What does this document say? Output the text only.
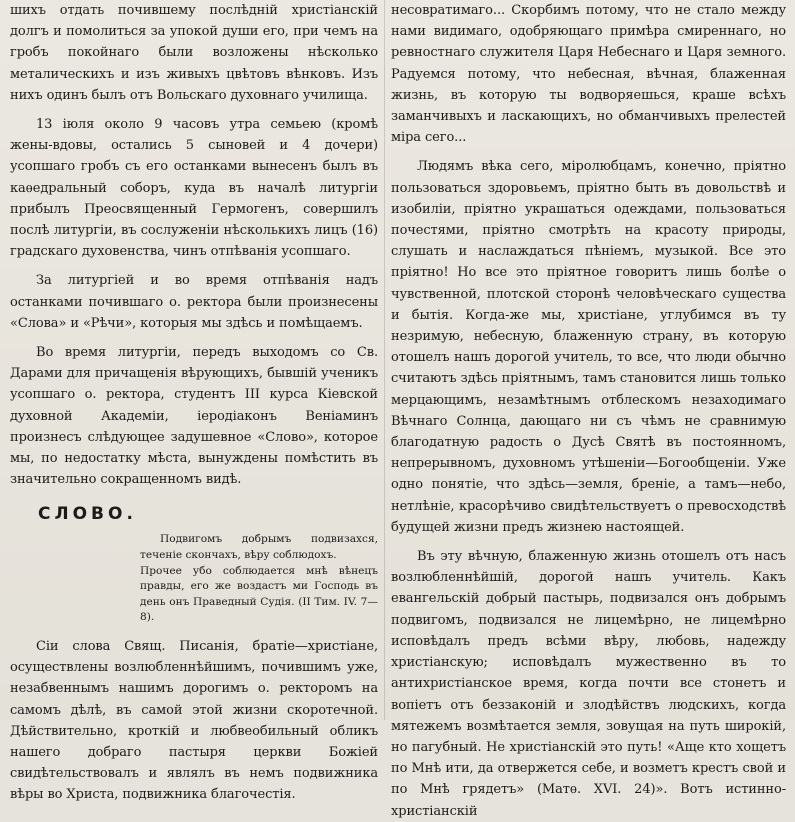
шихъ отдать почившему послѣдній христіанскій долгъ и помолиться за упокой души его, при чемъ на гробъ покойнаго были возложены нѣсколько металическихъ и изъ живыхъ цвѣтовъ вѣнковъ. Изъ нихъ одинъ былъ отъ Вольскаго духовнаго училища.

13 іюля около 9 часовъ утра семьею (кромѣ жены-вдовы, остались 5 сыновей и 4 дочери) усопшаго гробъ съ его останками вынесенъ былъ въ каѳедральный соборъ, куда въ началѣ литургіи прибылъ Преосвященный Гермогенъ, совершилъ послѣ литургіи, въ сослуженіи нѣсколькихъ лицъ (16) градскаго духовенства, чинъ отпѣванія усопшаго.

За литургіей и во время отпѣванія надъ останками почившаго о. ректора были произнесены «Слова» и «Рѣчи», которыя мы здѣсь и помѣщаемъ.

Во время литургіи, передъ выходомъ со Св. Дарами для причащенія вѣрующихъ, бывшій ученикъ усопшаго о. ректора, студентъ III курса Кіевской духовной Академіи, іеродіаконъ Веніаминъ произнесъ слѣдующее задушевное «Слово», которое мы, по недостатку мѣста, вынуждены помѣстить въ значительно сокращенномъ видѣ.

СЛОВО.
Подвигомъ добрымъ подвизахся, теченіе скончахъ, вѣру соблюдохъ.
Прочее убо соблюдается мнѣ вѣнецъ правды, его же воздастъ ми Господь въ день онъ Праведный Судія. (II Тим. IV. 7—8).

Сіи слова Свящ. Писанія, братіе—христіане, осуществлены возлюбленнѣйшимъ, почившимъ уже, незабвеннымъ нашимъ дорогимъ о. ректоромъ на самомъ дѣлѣ, въ самой этой жизни скоротечной. Дѣйствительно, кроткій и любвеобильный обликъ нашего добраго пастыря церкви Божіей свидѣтельствовалъ и являлъ въ немъ подвижника вѣры во Христа, подвижника благочестія.

несовратимаго... Скорбимъ потому, что не стало между нами видимаго, одобряющаго примѣра смиреннаго, но ревностнаго служителя Царя Небеснаго и Царя земного. Радуемся потому, что небесная, вѣчная, блаженная жизнь, въ которую ты водворяешься, краше всѣхъ заманчивыхъ и ласкающихъ, но обманчивыхъ прелестей міра сего...

Людямъ вѣка сего, міролюбцамъ, конечно, пріятно пользоваться здоровьемъ, пріятно быть въ довольствѣ и изобиліи, пріятно украшаться одеждами, пользоваться почестями, пріятно смотрѣть на красоту природы, слушать и наслаждаться пѣніемъ, музыкой. Все это пріятно! Но все это пріятное говоритъ лишь болѣе о чувственной, плотской сторонѣ человѣческаго существа и бытія. Когда-же мы, христіане, углубимся въ ту незримую, небесную, блаженную страну, въ которую отошелъ нашъ дорогой учитель, то все, что люди обычно считаютъ здѣсь пріятнымъ, тамъ становится лишь только мерцающимъ, незамѣтнымъ отблескомъ незаходимаго Вѣчнаго Солнца, дающаго ни съ чѣмъ не сравнимую благодатную радость о Дусѣ Святѣ въ постоянномъ, непрерывномъ, духовномъ утѣшеніи—Богообщеніи. Уже одно понятіе, что здѣсь—земля, бреніе, а тамъ—небо, нетлѣніе, красорѣчиво свидѣтельствуетъ о превосходствѣ будущей жизни предъ жизнею настоящей.

Въ эту вѣчную, блаженную жизнь отошелъ отъ насъ возлюбленнѣйшій, дорогой нашъ учитель. Какъ евангельскій добрый пастырь, подвизался онъ добрымъ подвигомъ, подвизался не лицемѣрно, не лицемѣрно исповѣдалъ предъ всѣми вѣру, любовь, надежду христіанскую; исповѣдалъ мужественно въ то антихристіанское время, когда почти все стонетъ и вопіетъ отъ беззаконій и злодѣйствъ людскихъ, когда мятежемъ возмѣтается земля, зовущая на путь широкій, но пагубный. Не христіанскій это путь! «Аще кто хощетъ по Мнѣ ити, да отвержется себе, и возметъ крестъ свой и по Мнѣ грядетъ» (Матѳ. XVI. 24)». Вотъ истинно-христіанскій
